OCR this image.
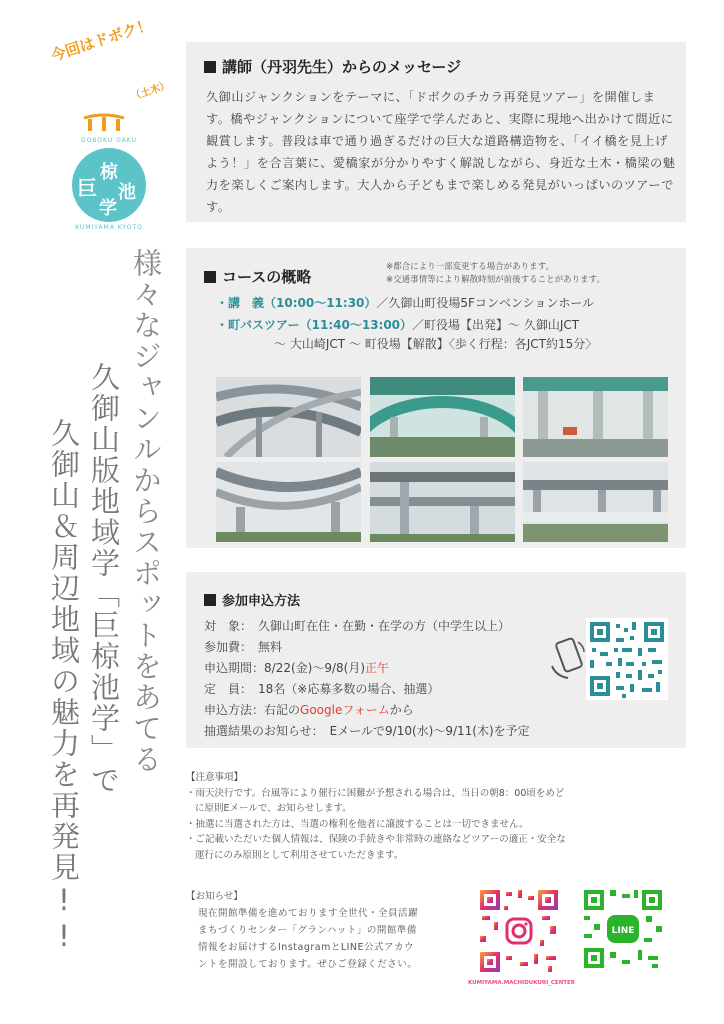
今回はドボク！
（土木）
DOBOKU GAKU
巨
椋
池
学
KUMIYAMA KYOTO
様々なジャンルからスポットをあてる
久御山版地域学「巨椋池学」で
久御山＆周辺地域の魅力を再発見!!
講師（丹羽先生）からのメッセージ
久御山ジャンクションをテーマに、「ドボクのチカラ再発見ツアー」を開催します。橋やジャンクションについて座学で学んだあと、実際に現地へ出かけて間近に観賞します。普段は車で通り過ぎるだけの巨大な道路構造物を、「イイ橋を見上げよう！」を合言葉に、愛橋家が分かりやすく解説しながら、身近な土木・橋梁の魅力を楽しくご案内します。大人から子どもまで楽しめる発見がいっぱいのツアーです。
コースの概略
※都合により一部変更する場合があります。
※交通事情等により解散時刻が前後することがあります。
・講　義（10:00〜11:30）／久御山町役場5Fコンベンションホール
・町バスツアー（11:40〜13:00）／町役場【出発】〜 久御山JCT
〜 大山崎JCT 〜 町役場【解散】〈歩く行程：各JCT約15分〉
参加申込方法
対　象：　 久御山町在住・在勤・在学の方（中学生以上）
参加費：　 無料
申込期間：8/22(金)〜9/8(月)正午
定　員：　 18名（※応募多数の場合、抽選）
申込方法：右記のGoogleフォームから
抽選結果のお知らせ：　 Eメールで9/10(水)〜9/11(木)を予定
【注意事項】
・雨天決行です。台風等により催行に困難が予想される場合は、当日の朝8：00頃をめど
に原則Eメールで、お知らせします。
・抽選に当選された方は、当選の権利を他者に譲渡することは一切できません。
・ご記載いただいた個人情報は、保険の手続きや非常時の連絡などツアーの適正・安全な
運行にのみ原則として利用させていただきます。
【お知らせ】
現在開館準備を進めております全世代・全員活躍
まちづくりセンター「グランハット」の開館準備
情報をお届けするInstagramとLINE公式アカウ
ントを開設しております。ぜひご登録ください。
KUMIYAMA.MACHIDUKURI_CENTER
LINE
